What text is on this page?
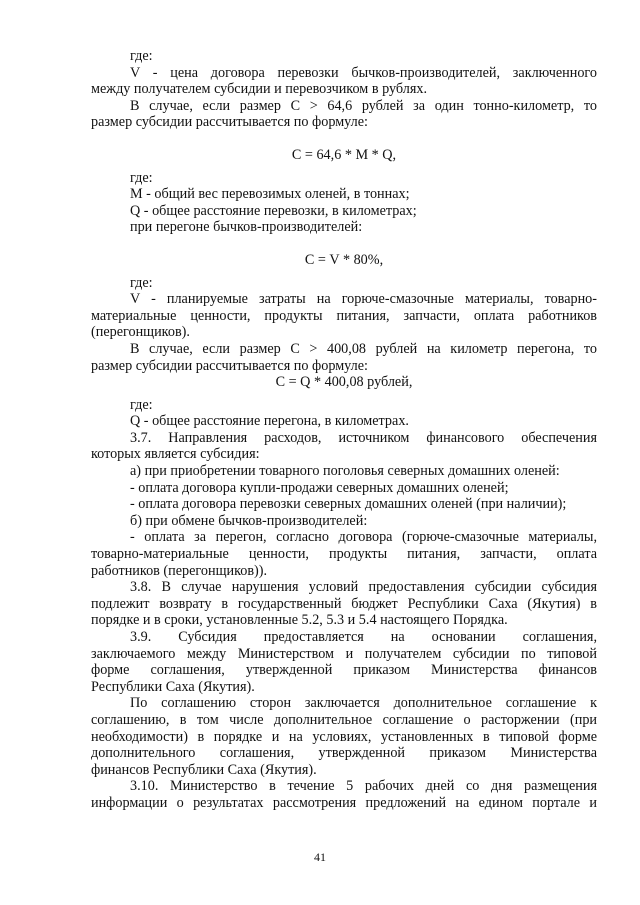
где:
V - цена договора перевозки бычков-производителей, заключенного
между получателем субсидии и перевозчиком в рублях.
В случае, если размер С > 64,6 рублей за один тонно-километр, то
размер субсидии рассчитывается по формуле:
С = 64,6 * М * Q,
где:
М - общий вес перевозимых оленей, в тоннах;
Q - общее расстояние перевозки, в километрах;
при перегоне бычков-производителей:
С = V * 80%,
где:
V - планируемые затраты на горюче-смазочные материалы, товарно-
материальные ценности, продукты питания, запчасти, оплата работников
(перегонщиков).
В случае, если размер С > 400,08 рублей на километр перегона, то
размер субсидии рассчитывается по формуле:
С = Q * 400,08 рублей,
где:
Q - общее расстояние перегона, в километрах.
3.7. Направления расходов, источником финансового обеспечения
которых является субсидия:
а) при приобретении товарного поголовья северных домашних оленей:
- оплата договора купли-продажи северных домашних оленей;
- оплата договора перевозки северных домашних оленей (при наличии);
б) при обмене бычков-производителей:
- оплата за перегон, согласно договора (горюче-смазочные материалы,
товарно-материальные ценности, продукты питания, запчасти, оплата
работников (перегонщиков)).
3.8. В случае нарушения условий предоставления субсидии субсидия
подлежит возврату в государственный бюджет Республики Саха (Якутия) в
порядке и в сроки, установленные 5.2, 5.3 и 5.4 настоящего Порядка.
3.9. Субсидия предоставляется на основании соглашения,
заключаемого между Министерством и получателем субсидии по типовой
форме соглашения, утвержденной приказом Министерства финансов
Республики Саха (Якутия).
По соглашению сторон заключается дополнительное соглашение к
соглашению, в том числе дополнительное соглашение о расторжении (при
необходимости) в порядке и на условиях, установленных в типовой форме
дополнительного соглашения, утвержденной приказом Министерства
финансов Республики Саха (Якутия).
3.10. Министерство в течение 5 рабочих дней со дня размещения
информации о результатах рассмотрения предложений на едином портале и
41
